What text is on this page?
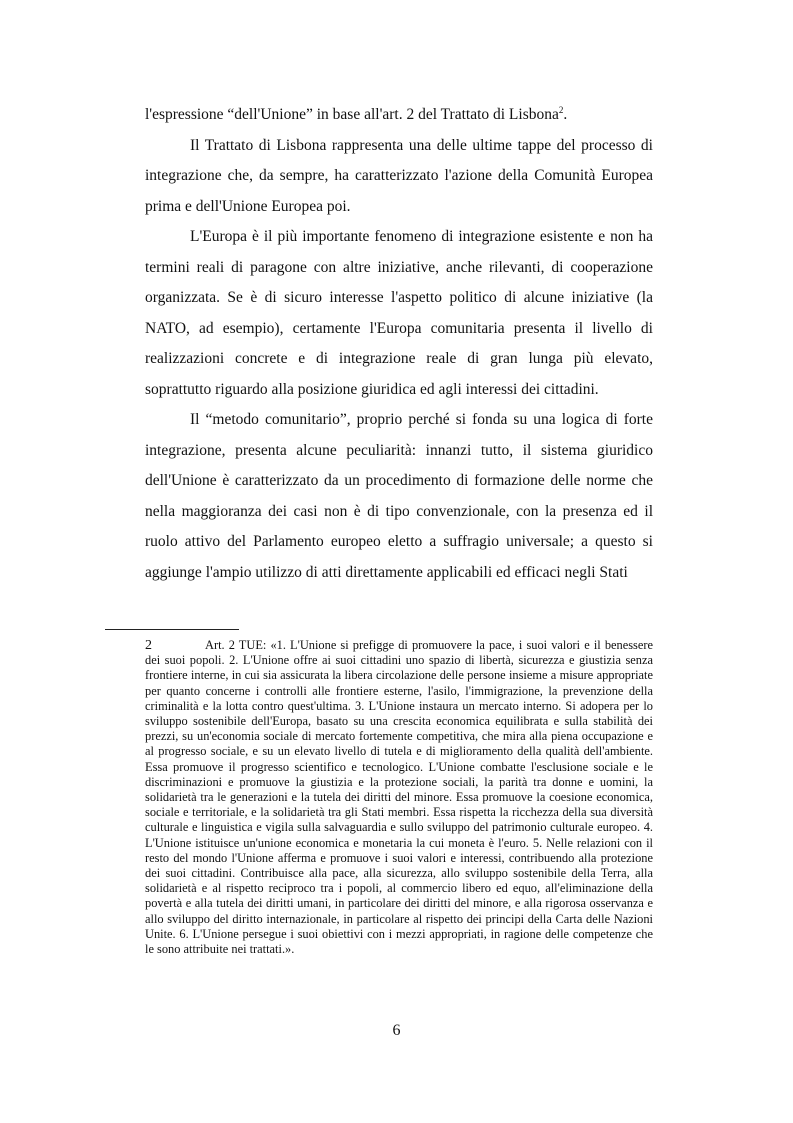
l'espressione “dell'Unione” in base all'art. 2 del Trattato di Lisbona$^2$.

Il Trattato di Lisbona rappresenta una delle ultime tappe del processo di integrazione che, da sempre, ha caratterizzato l'azione della Comunità Europea prima e dell'Unione Europea poi.

L'Europa è il più importante fenomeno di integrazione esistente e non ha termini reali di paragone con altre iniziative, anche rilevanti, di cooperazione organizzata. Se è di sicuro interesse l'aspetto politico di alcune iniziative (la NATO, ad esempio), certamente l'Europa comunitaria presenta il livello di realizzazioni concrete e di integrazione reale di gran lunga più elevato, soprattutto riguardo alla posizione giuridica ed agli interessi dei cittadini.

Il “metodo comunitario”, proprio perché si fonda su una logica di forte integrazione, presenta alcune peculiarità: innanzi tutto, il sistema giuridico dell'Unione è caratterizzato da un procedimento di formazione delle norme che nella maggioranza dei casi non è di tipo convenzionale, con la presenza ed il ruolo attivo del Parlamento europeo eletto a suffragio universale; a questo si aggiunge l'ampio utilizzo di atti direttamente applicabili ed efficaci negli Stati

2	Art. 2 TUE: «1. L'Unione si prefigge di promuovere la pace, i suoi valori e il benessere dei suoi popoli. 2. L'Unione offre ai suoi cittadini uno spazio di libertà, sicurezza e giustizia senza frontiere interne, in cui sia assicurata la libera circolazione delle persone insieme a misure appropriate per quanto concerne i controlli alle frontiere esterne, l'asilo, l'immigrazione, la prevenzione della criminalità e la lotta contro quest'ultima. 3. L'Unione instaura un mercato interno. Si adopera per lo sviluppo sostenibile dell'Europa, basato su una crescita economica equilibrata e sulla stabilità dei prezzi, su un'economia sociale di mercato fortemente competitiva, che mira alla piena occupazione e al progresso sociale, e su un elevato livello di tutela e di miglioramento della qualità dell'ambiente. Essa promuove il progresso scientifico e tecnologico. L'Unione combatte l'esclusione sociale e le discriminazioni e promuove la giustizia e la protezione sociali, la parità tra donne e uomini, la solidarietà tra le generazioni e la tutela dei diritti del minore. Essa promuove la coesione economica, sociale e territoriale, e la solidarietà tra gli Stati membri. Essa rispetta la ricchezza della sua diversità culturale e linguistica e vigila sulla salvaguardia e sullo sviluppo del patrimonio culturale europeo. 4. L'Unione istituisce un'unione economica e monetaria la cui moneta è l'euro. 5. Nelle relazioni con il resto del mondo l'Unione afferma e promuove i suoi valori e interessi, contribuendo alla protezione dei suoi cittadini. Contribuisce alla pace, alla sicurezza, allo sviluppo sostenibile della Terra, alla solidarietà e al rispetto reciproco tra i popoli, al commercio libero ed equo, all'eliminazione della povertà e alla tutela dei diritti umani, in particolare dei diritti del minore, e alla rigorosa osservanza e allo sviluppo del diritto internazionale, in particolare al rispetto dei principi della Carta delle Nazioni Unite. 6. L'Unione persegue i suoi obiettivi con i mezzi appropriati, in ragione delle competenze che le sono attribuite nei trattati.».
6
